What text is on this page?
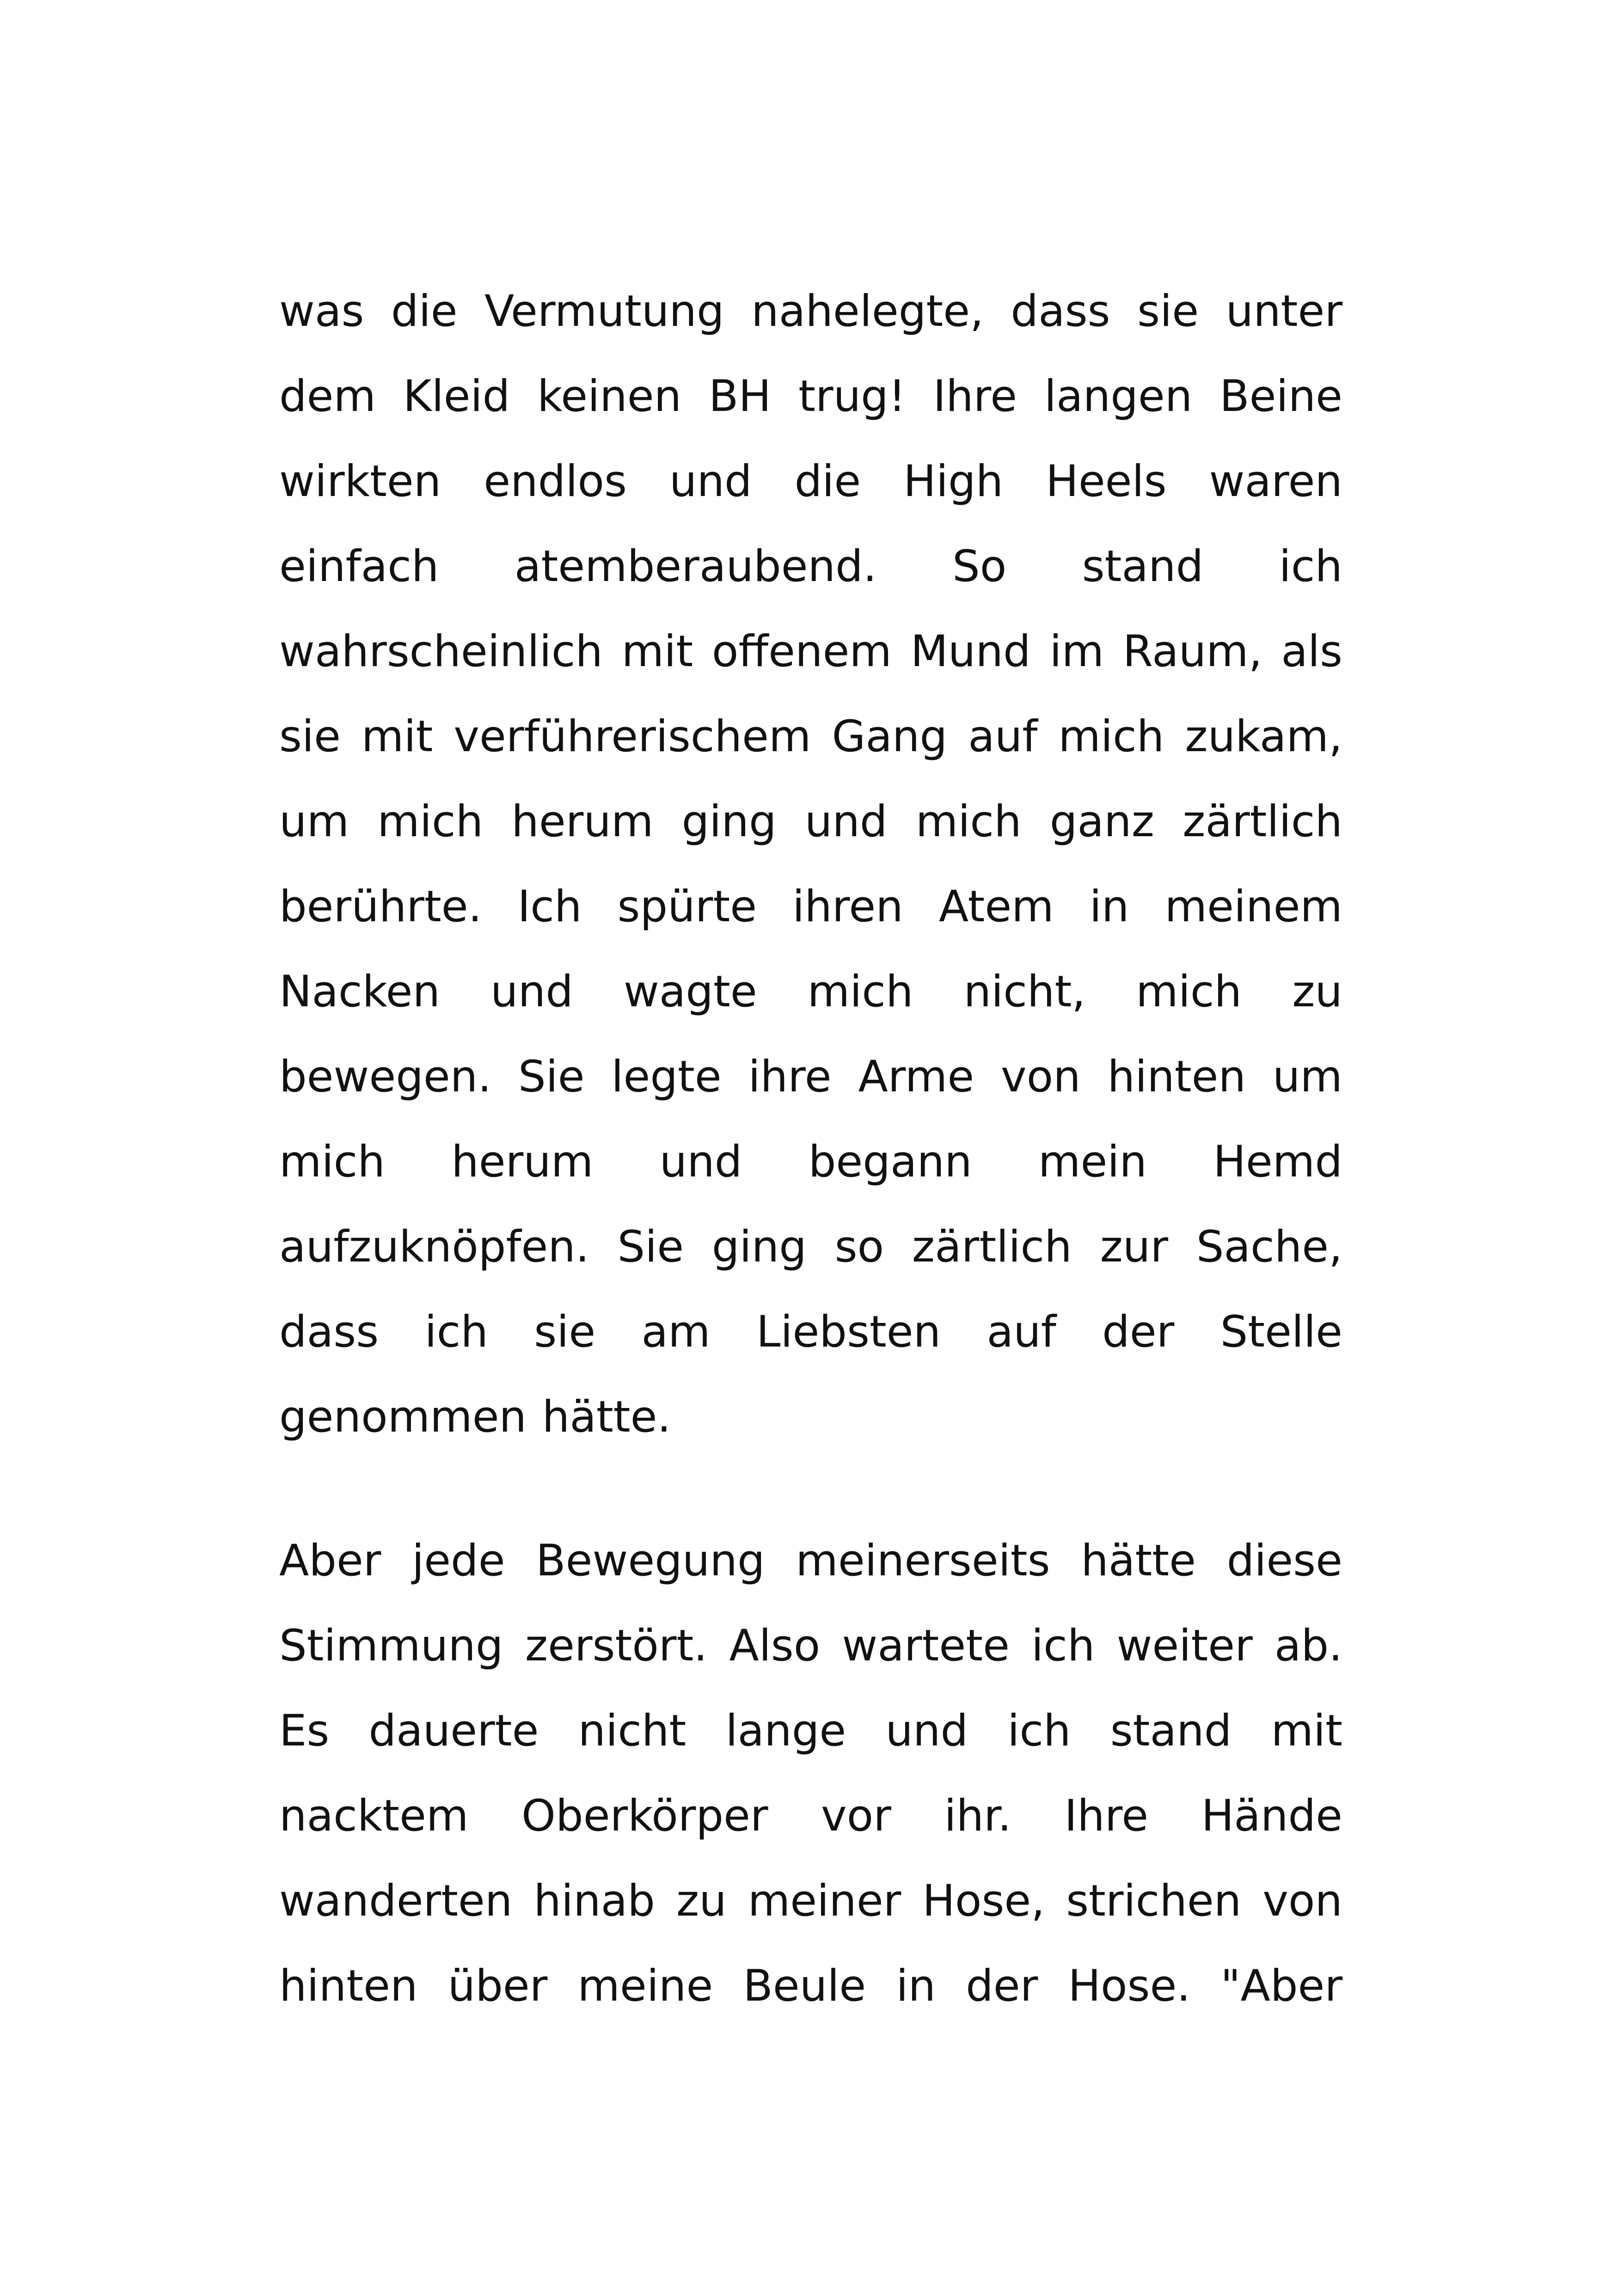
was die Vermutung nahelegte, dass sie unter dem Kleid keinen BH trug! Ihre langen Beine wirkten endlos und die High Heels waren einfach atemberaubend. So stand ich wahrscheinlich mit offenem Mund im Raum, als sie mit verführerischem Gang auf mich zukam, um mich herum ging und mich ganz zärtlich berührte. Ich spürte ihren Atem in meinem Nacken und wagte mich nicht, mich zu bewegen. Sie legte ihre Arme von hinten um mich herum und begann mein Hemd aufzuknöpfen. Sie ging so zärtlich zur Sache, dass ich sie am Liebsten auf der Stelle genommen hätte.

Aber jede Bewegung meinerseits hätte diese Stimmung zerstört. Also wartete ich weiter ab. Es dauerte nicht lange und ich stand mit nacktem Oberkörper vor ihr. Ihre Hände wanderten hinab zu meiner Hose, strichen von hinten über meine Beule in der Hose. "Aber
